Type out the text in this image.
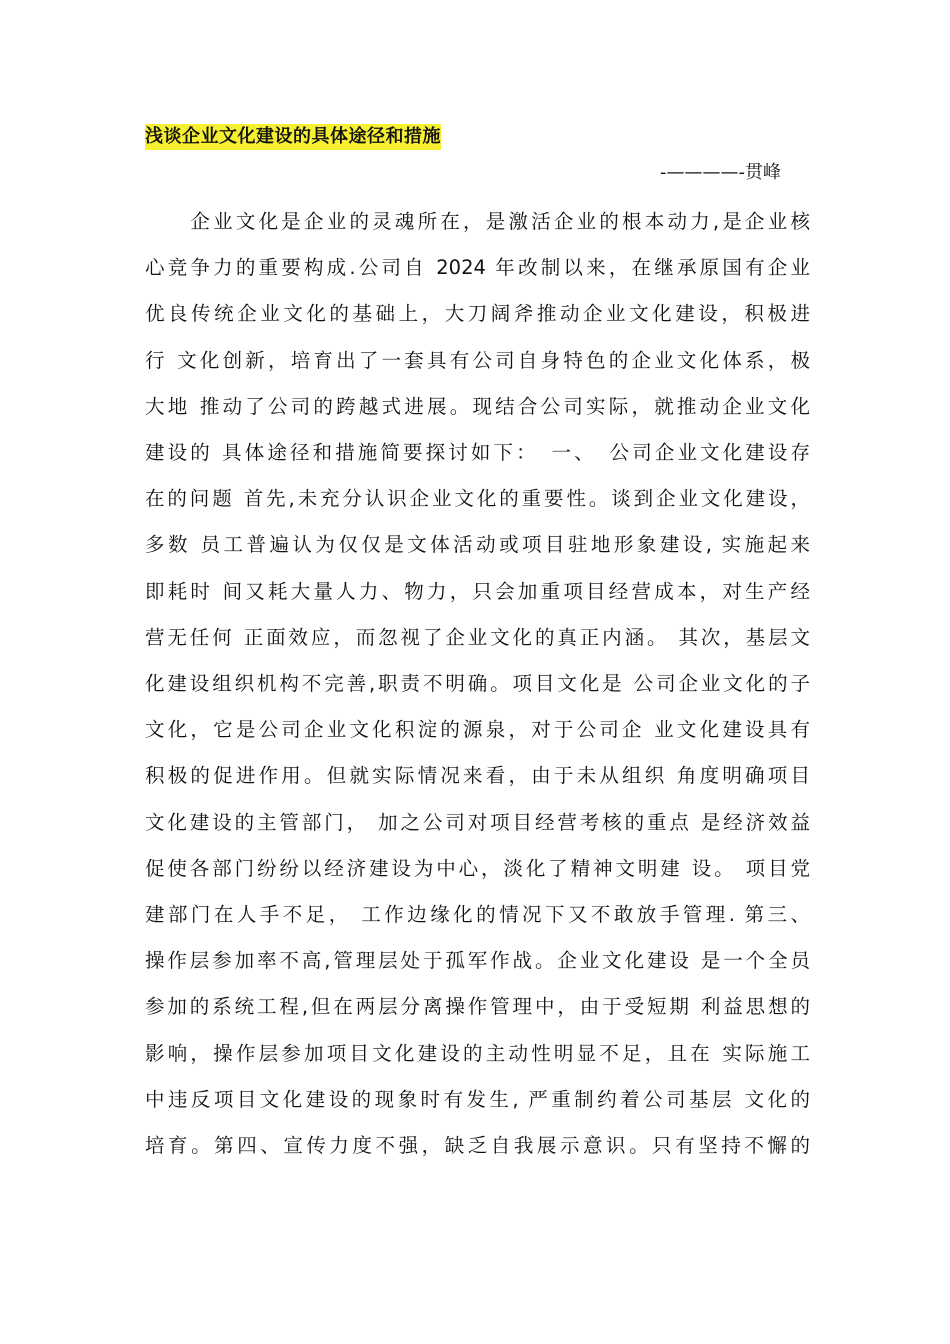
浅谈企业文化建设的具体途径和措施
-————-贯峰
　　企业文化是企业的灵魂所在，是激活企业的根本动力,是企业核
心竞争力的重要构成.公司自 2024 年改制以来，在继承原国有企业
优良传统企业文化的基础上，大刀阔斧推动企业文化建设，积极进
行 文化创新，培育出了一套具有公司自身特色的企业文化体系，极
大地 推动了公司的跨越式进展。现结合公司实际，就推动企业文化
建设的 具体途径和措施简要探讨如下：　一、　公司企业文化建设存
在的问题 首先,未充分认识企业文化的重要性。谈到企业文化建设，
多数 员工普遍认为仅仅是文体活动或项目驻地形象建设, 实施起来
即耗时 间又耗大量人力、物力，只会加重项目经营成本，对生产经
营无任何 正面效应，而忽视了企业文化的真正内涵。 其次，基层文
化建设组织机构不完善,职责不明确。项目文化是 公司企业文化的子
文化，它是公司企业文化积淀的源泉，对于公司企 业文化建设具有
积极的促进作用。但就实际情况来看，由于未从组织 角度明确项目
文化建设的主管部门， 加之公司对项目经营考核的重点 是经济效益
促使各部门纷纷以经济建设为中心，淡化了精神文明建 设。 项目党
建部门在人手不足， 工作边缘化的情况下又不敢放手管理. 第三、
操作层参加率不高,管理层处于孤军作战。企业文化建设 是一个全员
参加的系统工程,但在两层分离操作管理中，由于受短期 利益思想的
影响，操作层参加项目文化建设的主动性明显不足，且在 实际施工
中违反项目文化建设的现象时有发生, 严重制约着公司基层 文化的
培育。第四、宣传力度不强，缺乏自我展示意识。只有坚持不懈的
